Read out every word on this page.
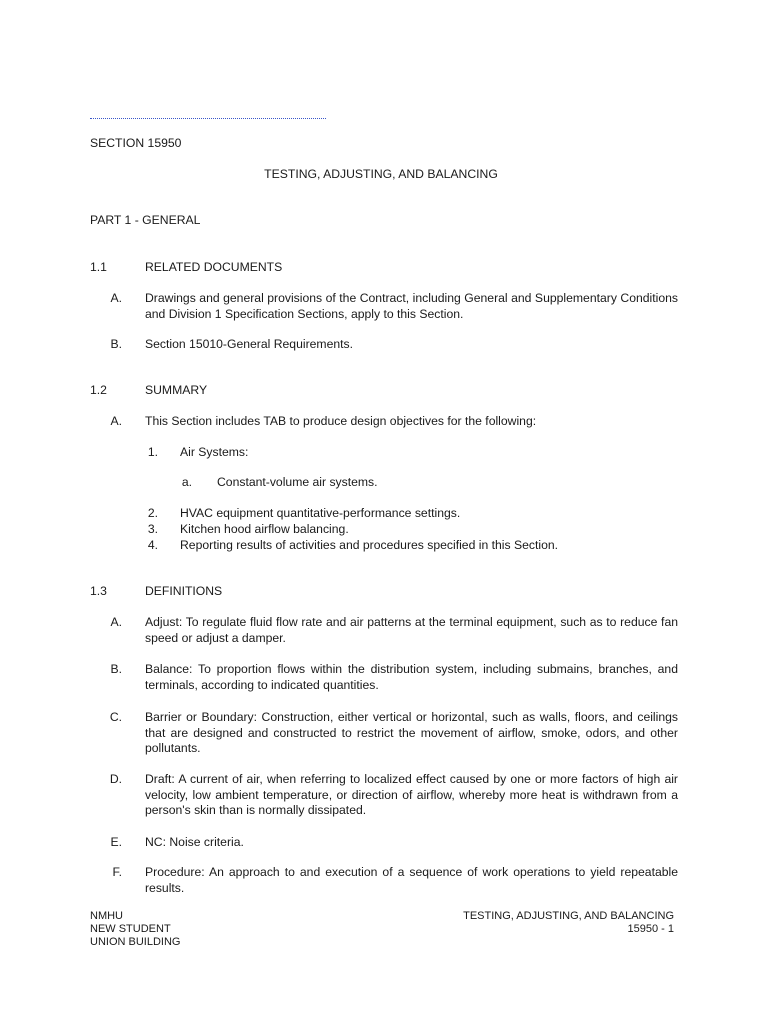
SECTION 15950
TESTING, ADJUSTING, AND BALANCING
PART 1 - GENERAL
1.1	RELATED DOCUMENTS
A. Drawings and general provisions of the Contract, including General and Supplementary Conditions and Division 1 Specification Sections, apply to this Section.
B. Section 15010-General Requirements.
1.2	SUMMARY
A. This Section includes TAB to produce design objectives for the following:
1. Air Systems:
a. Constant-volume air systems.
2. HVAC equipment quantitative-performance settings.
3. Kitchen hood airflow balancing.
4. Reporting results of activities and procedures specified in this Section.
1.3	DEFINITIONS
A. Adjust: To regulate fluid flow rate and air patterns at the terminal equipment, such as to reduce fan speed or adjust a damper.
B. Balance: To proportion flows within the distribution system, including submains, branches, and terminals, according to indicated quantities.
C. Barrier or Boundary: Construction, either vertical or horizontal, such as walls, floors, and ceilings that are designed and constructed to restrict the movement of airflow, smoke, odors, and other pollutants.
D. Draft: A current of air, when referring to localized effect caused by one or more factors of high air velocity, low ambient temperature, or direction of airflow, whereby more heat is withdrawn from a person's skin than is normally dissipated.
E. NC: Noise criteria.
F. Procedure: An approach to and execution of a sequence of work operations to yield repeatable results.
NMHU
NEW STUDENT
UNION BUILDING
TESTING, ADJUSTING, AND BALANCING
15950 - 1
